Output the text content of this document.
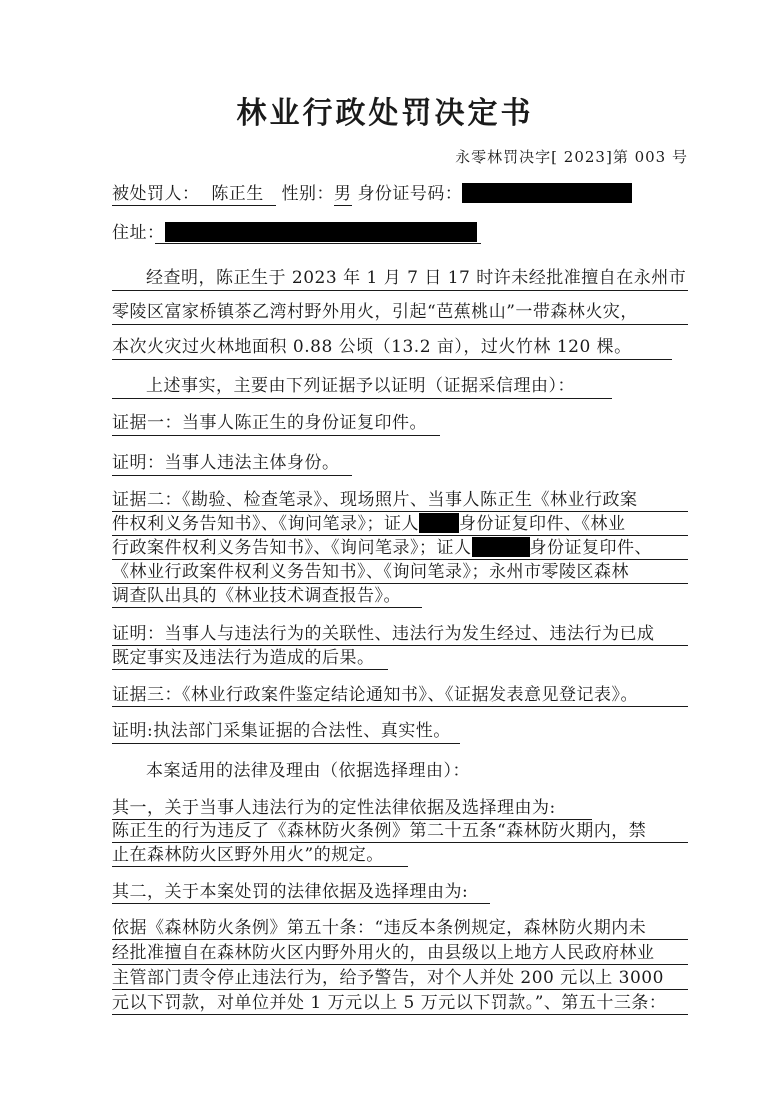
林业行政处罚决定书
永零林罚决字[ 2023]第 003 号
被处罚人： 陈正生 性别：男 身份证号码：
住址：
经查明，陈正生于 2023 年 1 月 7 日 17 时许未经批准擅自在永州市
零陵区富家桥镇茶乙湾村野外用火，引起“芭蕉桃山”一带森林火灾，
本次火灾过火林地面积 0.88 公顷（13.2 亩），过火竹林 120 棵。
上述事实，主要由下列证据予以证明（证据采信理由）：
证据一：当事人陈正生的身份证复印件。
证明：当事人违法主体身份。
证据二：《勘验、检查笔录》、现场照片、当事人陈正生《林业行政案
件权利义务告知书》、《询问笔录》；证人 身份证复印件、《林业
行政案件权利义务告知书》、《询问笔录》；证人	身份证复印件、
《林业行政案件权利义务告知书》、《询问笔录》；永州市零陵区森林
调查队出具的《林业技术调查报告》。
证明：当事人与违法行为的关联性、违法行为发生经过、违法行为已成
既定事实及违法行为造成的后果。
证据三：《林业行政案件鉴定结论通知书》、《证据发表意见登记表》。
证明:执法部门采集证据的合法性、真实性。
本案适用的法律及理由（依据选择理由）：
其一，关于当事人违法行为的定性法律依据及选择理由为:
陈正生的行为违反了《森林防火条例》第二十五条“森林防火期内，禁
止在森林防火区野外用火”的规定。
其二，关于本案处罚的法律依据及选择理由为:
依据《森林防火条例》第五十条：“违反本条例规定，森林防火期内未
经批准擅自在森林防火区内野外用火的，由县级以上地方人民政府林业
主管部门责令停止违法行为，给予警告，对个人并处 200 元以上 3000
元以下罚款，对单位并处 1 万元以上 5 万元以下罚款。”、第五十三条：
